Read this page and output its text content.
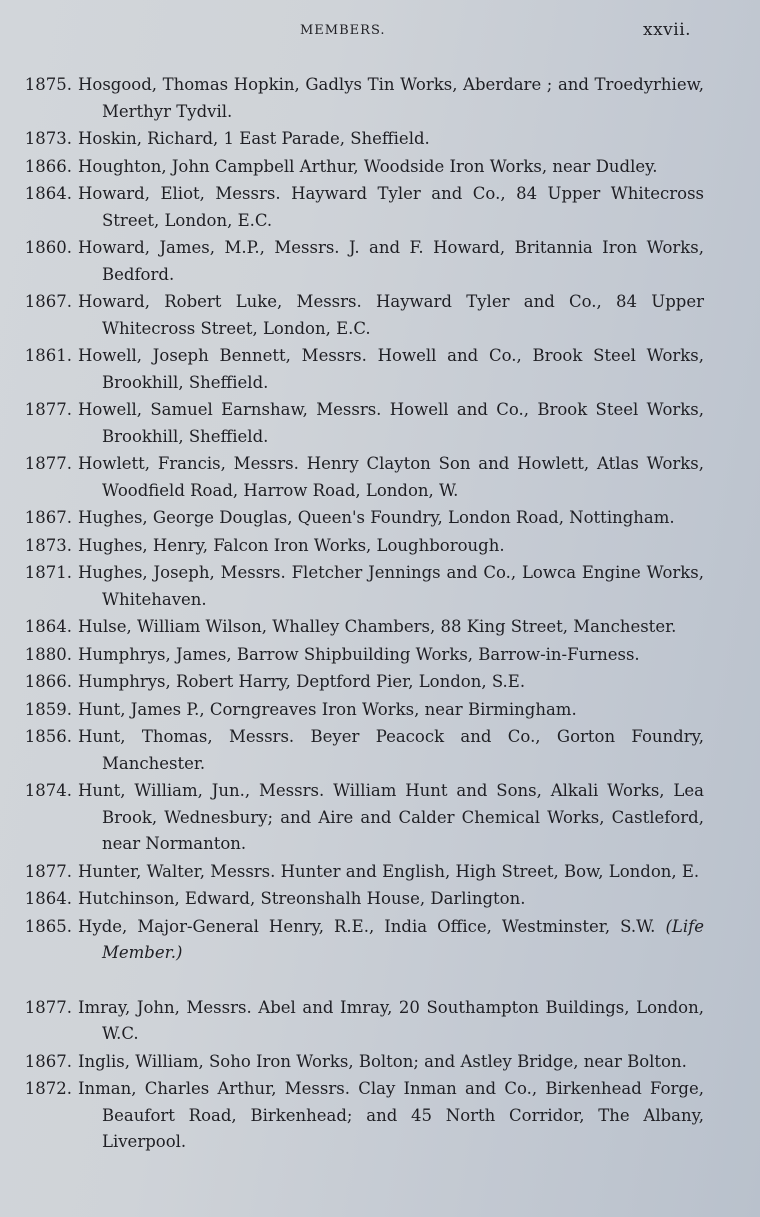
MEMBERS.	xxvii.
1875. Hosgood, Thomas Hopkin, Gadlys Tin Works, Aberdare ; and Troedyrhiew, Merthyr Tydvil.
1873. Hoskin, Richard, 1 East Parade, Sheffield.
1866. Houghton, John Campbell Arthur, Woodside Iron Works, near Dudley.
1864. Howard, Eliot, Messrs. Hayward Tyler and Co., 84 Upper Whitecross Street, London, E.C.
1860. Howard, James, M.P., Messrs. J. and F. Howard, Britannia Iron Works, Bedford.
1867. Howard, Robert Luke, Messrs. Hayward Tyler and Co., 84 Upper Whitecross Street, London, E.C.
1861. Howell, Joseph Bennett, Messrs. Howell and Co., Brook Steel Works, Brookhill, Sheffield.
1877. Howell, Samuel Earnshaw, Messrs. Howell and Co., Brook Steel Works, Brookhill, Sheffield.
1877. Howlett, Francis, Messrs. Henry Clayton Son and Howlett, Atlas Works, Woodfield Road, Harrow Road, London, W.
1867. Hughes, George Douglas, Queen's Foundry, London Road, Nottingham.
1873. Hughes, Henry, Falcon Iron Works, Loughborough.
1871. Hughes, Joseph, Messrs. Fletcher Jennings and Co., Lowca Engine Works, Whitehaven.
1864. Hulse, William Wilson, Whalley Chambers, 88 King Street, Manchester.
1880. Humphrys, James, Barrow Shipbuilding Works, Barrow-in-Furness.
1866. Humphrys, Robert Harry, Deptford Pier, London, S.E.
1859. Hunt, James P., Corngreaves Iron Works, near Birmingham.
1856. Hunt, Thomas, Messrs. Beyer Peacock and Co., Gorton Foundry, Manchester.
1874. Hunt, William, Jun., Messrs. William Hunt and Sons, Alkali Works, Lea Brook, Wednesbury; and Aire and Calder Chemical Works, Castleford, near Normanton.
1877. Hunter, Walter, Messrs. Hunter and English, High Street, Bow, London, E.
1864. Hutchinson, Edward, Streonshalh House, Darlington.
1865. Hyde, Major-General Henry, R.E., India Office, Westminster, S.W. (Life Member.)
1877. Imray, John, Messrs. Abel and Imray, 20 Southampton Buildings, London, W.C.
1867. Inglis, William, Soho Iron Works, Bolton; and Astley Bridge, near Bolton.
1872. Inman, Charles Arthur, Messrs. Clay Inman and Co., Birkenhead Forge, Beaufort Road, Birkenhead; and 45 North Corridor, The Albany, Liverpool.
